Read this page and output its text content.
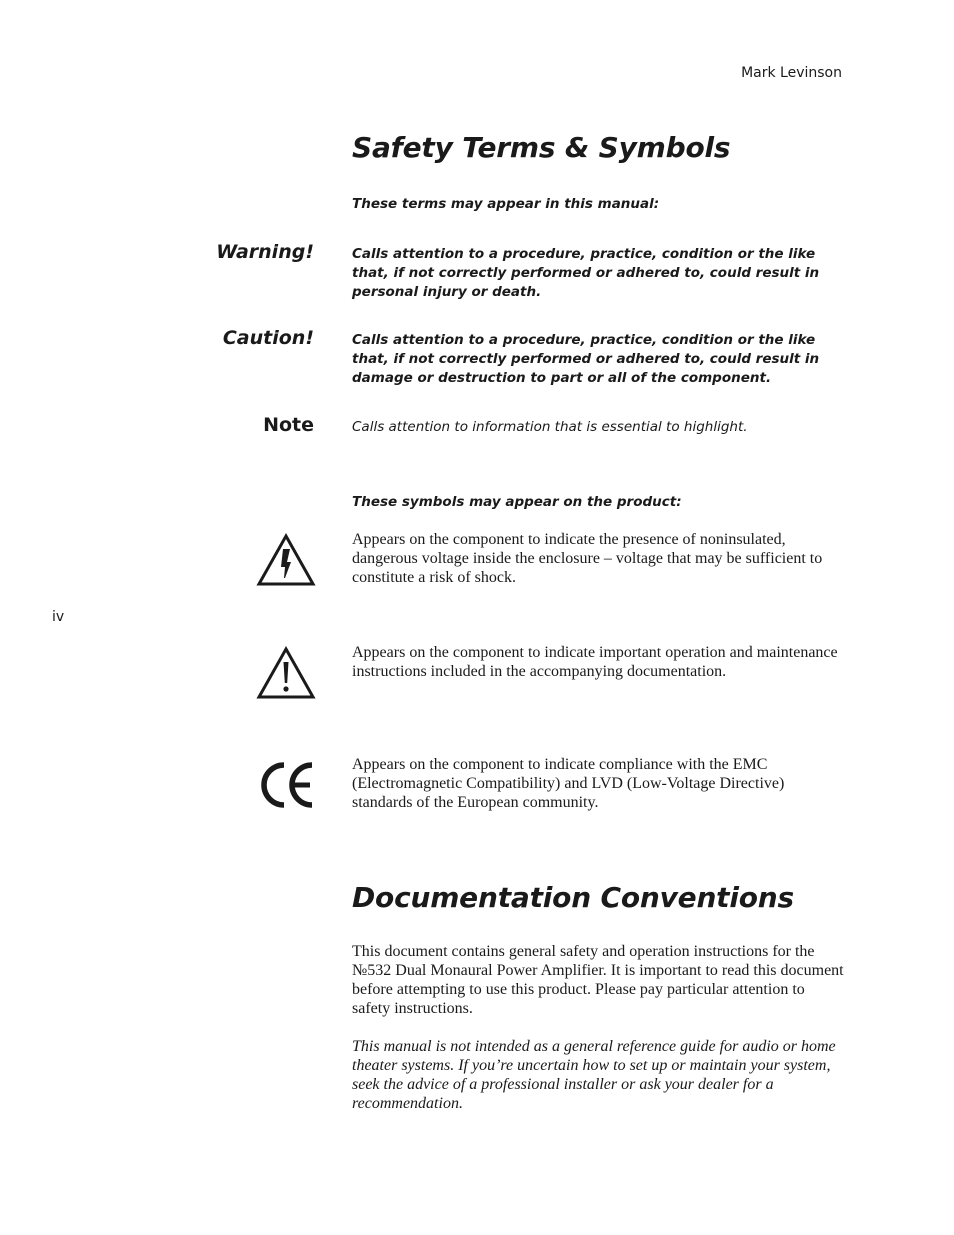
Mark Levinson
iv
Safety Terms & Symbols

These terms may appear in this manual:

Warning!	Calls attention to a procedure, practice, condition or the like that, if not correctly performed or adhered to, could result in personal injury or death.

Caution!	Calls attention to a procedure, practice, condition or the like that, if not correctly performed or adhered to, could result in damage or destruction to part or all of the component.

Note	Calls attention to information that is essential to highlight.

These symbols may appear on the product:

Appears on the component to indicate the presence of noninsulated, dangerous voltage inside the enclosure – voltage that may be sufficient to constitute a risk of shock.

Appears on the component to indicate important operation and maintenance instructions included in the accompanying documentation.

Appears on the component to indicate compliance with the EMC (Electromagnetic Compatibility) and LVD (Low-Voltage Directive) standards of the European community.

Documentation Conventions

This document contains general safety and operation instructions for the №532 Dual Monaural Power Amplifier. It is important to read this document before attempting to use this product. Please pay particular attention to safety instructions.

This manual is not intended as a general reference guide for audio or home theater systems. If you’re uncertain how to set up or maintain your system, seek the advice of a professional installer or ask your dealer for a recommendation.
